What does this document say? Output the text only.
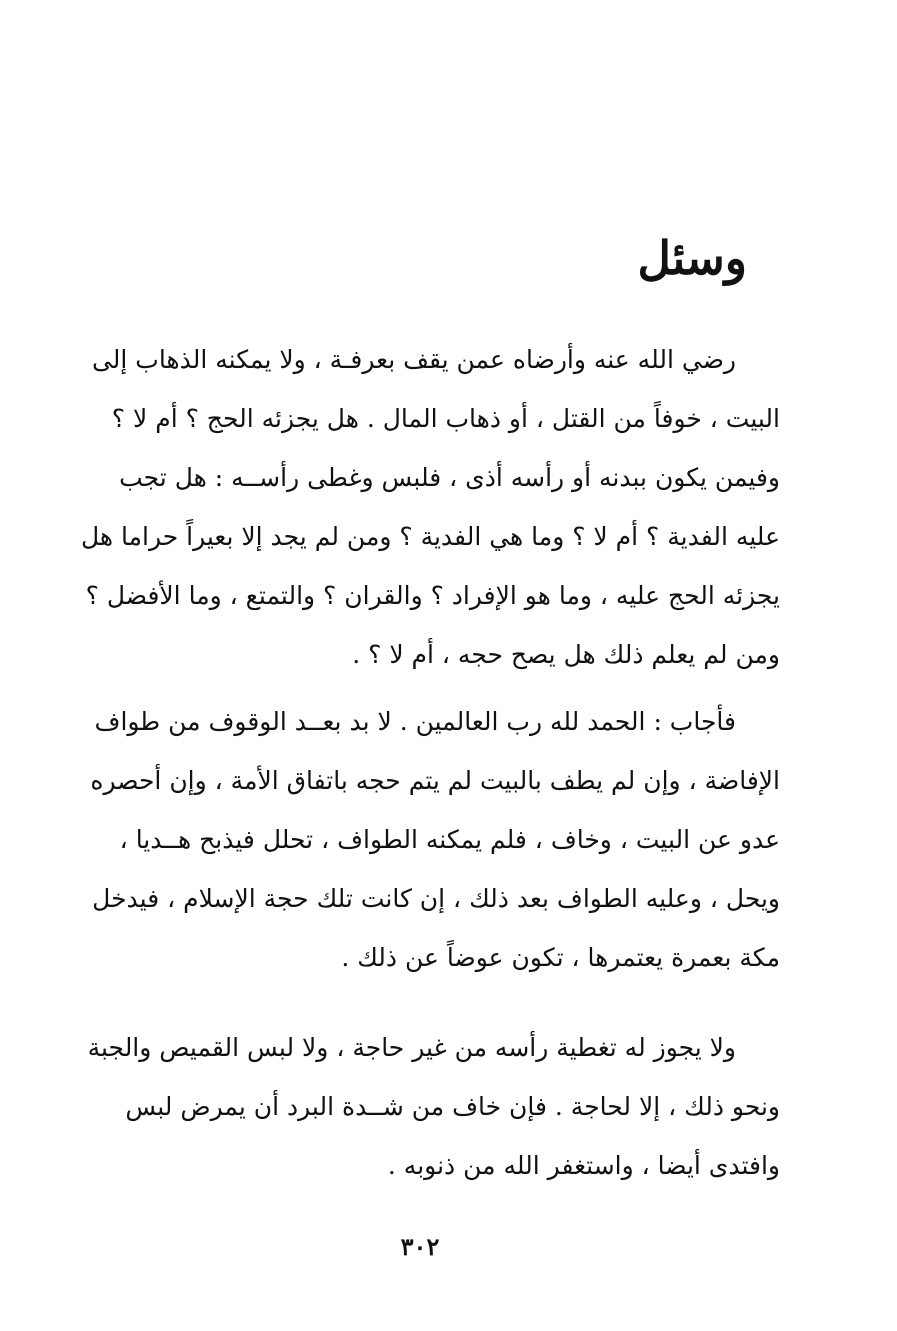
وسئل
رضي الله عنه وأرضاه عمن يقف بعرفـة ، ولا يمكنه الذهاب إلى
البيت ، خوفاً من القتل ، أو ذهاب المال . هل يجزئه الحج ؟ أم لا ؟
وفيمن يكون ببدنه أو رأسه أذى ، فلبس وغطى رأســه : هل تجب
عليه الفدية ؟ أم لا ؟ وما هي الفدية ؟ ومن لم يجد إلا بعيراً حراما هل
يجزئه الحج عليه ، وما هو الإفراد ؟ والقران ؟ والتمتع ، وما الأفضل ؟
ومن لم يعلم ذلك هل يصح حجه ، أم لا ؟ .
فأجاب : الحمد لله رب العالمين . لا بد بعــد الوقوف من طواف
الإفاضة ، وإن لم يطف بالبيت لم يتم حجه باتفاق الأمة ، وإن أحصره
عدو عن البيت ، وخاف ، فلم يمكنه الطواف ، تحلل فيذبح هــديا ،
ويحل ، وعليه الطواف بعد ذلك ، إن كانت تلك حجة الإسلام ، فيدخل
مكة بعمرة يعتمرها ، تكون عوضاً عن ذلك .
ولا يجوز له تغطية رأسه من غير حاجة ، ولا لبس القميص والجبة
ونحو ذلك ، إلا لحاجة . فإن خاف من شــدة البرد أن يمرض لبس
وافتدى أيضا ، واستغفر الله من ذنوبه .
٣٠٢
